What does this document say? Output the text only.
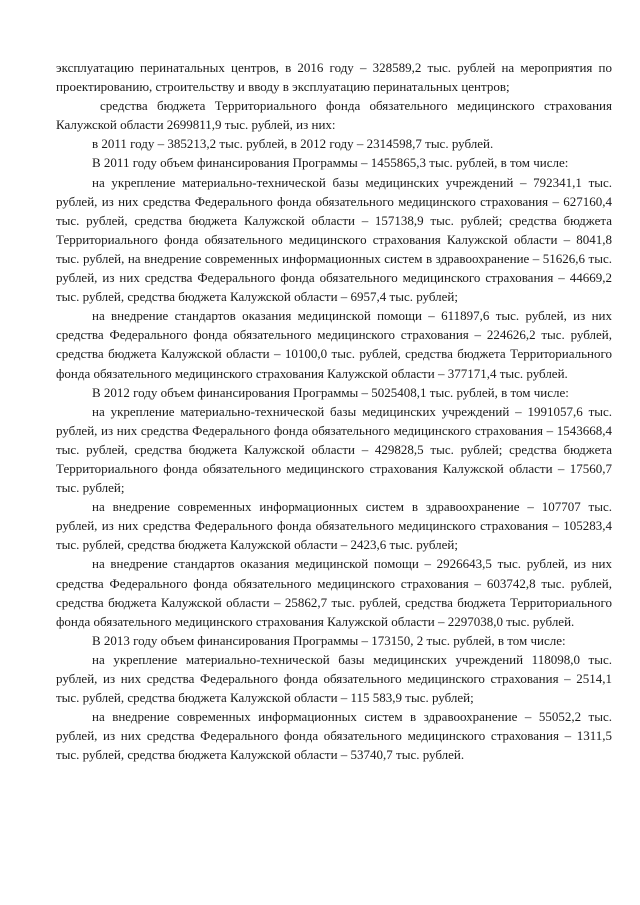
эксплуатацию перинатальных центров, в 2016 году – 328589,2 тыс. рублей на мероприятия по проектированию, строительству и вводу в эксплуатацию перинатальных центров;

средства бюджета Территориального фонда обязательного медицинского страхования Калужской области 2699811,9 тыс. рублей, из них:

в 2011 году – 385213,2 тыс. рублей, в 2012 году – 2314598,7 тыс. рублей.

В 2011 году объем финансирования Программы – 1455865,3 тыс. рублей, в том числе:

на укрепление материально-технической базы медицинских учреждений – 792341,1 тыс. рублей, из них средства Федерального фонда обязательного медицинского страхования – 627160,4 тыс. рублей, средства бюджета Калужской области – 157138,9 тыс. рублей; средства бюджета Территориального фонда обязательного медицинского страхования Калужской области – 8041,8 тыс. рублей, на внедрение современных информационных систем в здравоохранение – 51626,6 тыс. рублей, из них средства Федерального фонда обязательного медицинского страхования – 44669,2 тыс. рублей, средства бюджета Калужской области – 6957,4 тыс. рублей;

на внедрение стандартов оказания медицинской помощи – 611897,6 тыс. рублей, из них средства Федерального фонда обязательного медицинского страхования – 224626,2 тыс. рублей, средства бюджета Калужской области – 10100,0 тыс. рублей, средства бюджета Территориального фонда обязательного медицинского страхования Калужской области – 377171,4 тыс. рублей.

В 2012 году объем финансирования Программы – 5025408,1 тыс. рублей, в том числе:

на укрепление материально-технической базы медицинских учреждений – 1991057,6 тыс. рублей, из них средства Федерального фонда обязательного медицинского страхования – 1543668,4 тыс. рублей, средства бюджета Калужской области – 429828,5 тыс. рублей; средства бюджета Территориального фонда обязательного медицинского страхования Калужской области – 17560,7 тыс. рублей;

на внедрение современных информационных систем в здравоохранение – 107707 тыс. рублей, из них средства Федерального фонда обязательного медицинского страхования – 105283,4 тыс. рублей, средства бюджета Калужской области – 2423,6 тыс. рублей;

на внедрение стандартов оказания медицинской помощи – 2926643,5 тыс. рублей, из них средства Федерального фонда обязательного медицинского страхования – 603742,8 тыс. рублей, средства бюджета Калужской области – 25862,7 тыс. рублей, средства бюджета Территориального фонда обязательного медицинского страхования Калужской области – 2297038,0 тыс. рублей.

В 2013 году объем финансирования Программы – 173150, 2 тыс. рублей, в том числе:

на укрепление материально-технической базы медицинских учреждений 118098,0 тыс. рублей, из них средства Федерального фонда обязательного медицинского страхования – 2514,1 тыс. рублей, средства бюджета Калужской области – 115 583,9 тыс. рублей;

на внедрение современных информационных систем в здравоохранение – 55052,2 тыс. рублей, из них средства Федерального фонда обязательного медицинского страхования – 1311,5 тыс. рублей, средства бюджета Калужской области – 53740,7 тыс. рублей.
